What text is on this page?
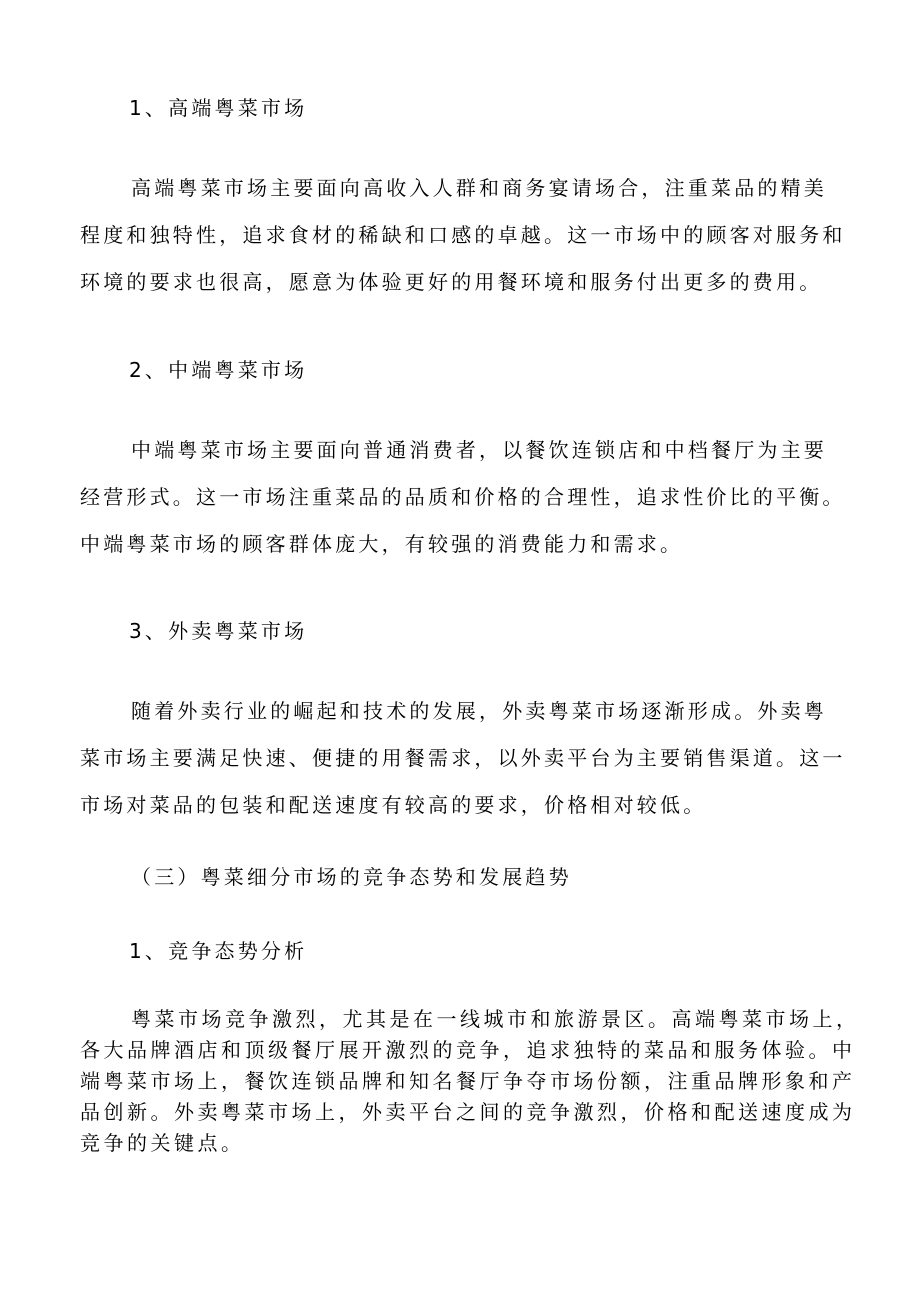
1、高端粤菜市场
高端粤菜市场主要面向高收入人群和商务宴请场合，注重菜品的精美
程度和独特性，追求食材的稀缺和口感的卓越。这一市场中的顾客对服务和
环境的要求也很高，愿意为体验更好的用餐环境和服务付出更多的费用。
2、中端粤菜市场
中端粤菜市场主要面向普通消费者，以餐饮连锁店和中档餐厅为主要
经营形式。这一市场注重菜品的品质和价格的合理性，追求性价比的平衡。
中端粤菜市场的顾客群体庞大，有较强的消费能力和需求。
3、外卖粤菜市场
随着外卖行业的崛起和技术的发展，外卖粤菜市场逐渐形成。外卖粤
菜市场主要满足快速、便捷的用餐需求，以外卖平台为主要销售渠道。这一
市场对菜品的包装和配送速度有较高的要求，价格相对较低。
（三）粤菜细分市场的竞争态势和发展趋势
1、竞争态势分析
粤菜市场竞争激烈，尤其是在一线城市和旅游景区。高端粤菜市场上，
各大品牌酒店和顶级餐厅展开激烈的竞争，追求独特的菜品和服务体验。中
端粤菜市场上，餐饮连锁品牌和知名餐厅争夺市场份额，注重品牌形象和产
品创新。外卖粤菜市场上，外卖平台之间的竞争激烈，价格和配送速度成为
竞争的关键点。
